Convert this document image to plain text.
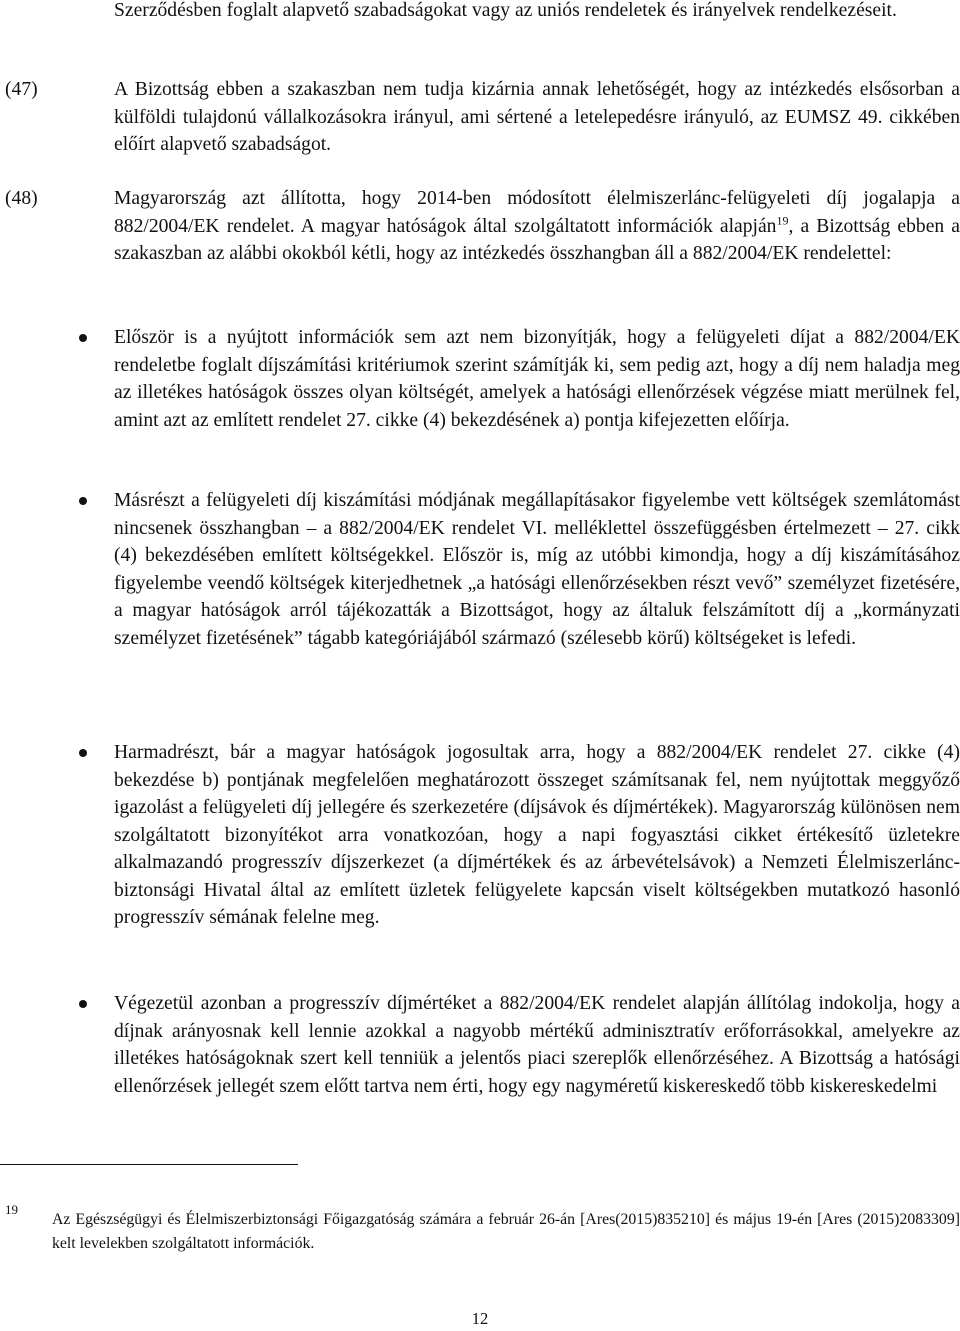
Szerződésben foglalt alapvető szabadságokat vagy az uniós rendeletek és irányelvek rendelkezéseit.
(47)	A Bizottság ebben a szakaszban nem tudja kizárnia annak lehetőségét, hogy az intézkedés elsősorban a külföldi tulajdonú vállalkozásokra irányul, ami sértené a letelepedésre irányuló, az EUMSZ 49. cikkében előírt alapvető szabadságot.
(48)	Magyarország azt állította, hogy 2014-ben módosított élelmiszerlánc-felügyeleti díj jogalapja a 882/2004/EK rendelet. A magyar hatóságok által szolgáltatott információk alapján$^{19}$, a Bizottság ebben a szakaszban az alábbi okokból kétli, hogy az intézkedés összhangban áll a 882/2004/EK rendelettel:
Először is a nyújtott információk sem azt nem bizonyítják, hogy a felügyeleti díjat a 882/2004/EK rendeletbe foglalt díjszámítási kritériumok szerint számítják ki, sem pedig azt, hogy a díj nem haladja meg az illetékes hatóságok összes olyan költségét, amelyek a hatósági ellenőrzések végzése miatt merülnek fel, amint azt az említett rendelet 27. cikke (4) bekezdésének a) pontja kifejezetten előírja.
Másrészt a felügyeleti díj kiszámítási módjának megállapításakor figyelembe vett költségek szemlátomást nincsenek összhangban – a 882/2004/EK rendelet VI. melléklettel összefüggésben értelmezett – 27. cikk (4) bekezdésében említett költségekkel. Először is, míg az utóbbi kimondja, hogy a díj kiszámításához figyelembe veendő költségek kiterjedhetnek „a hatósági ellenőrzésekben részt vevő” személyzet fizetésére, a magyar hatóságok arról tájékozatták a Bizottságot, hogy az általuk felszámított díj a „kormányzati személyzet fizetésének” tágabb kategóriájából származó (szélesebb körű) költségeket is lefedi.
Harmadrészt, bár a magyar hatóságok jogosultak arra, hogy a 882/2004/EK rendelet 27. cikke (4) bekezdése b) pontjának megfelelően meghatározott összeget számítsanak fel, nem nyújtottak meggyőző igazolást a felügyeleti díj jellegére és szerkezetére (díjsávok és díjmértékek). Magyarország különösen nem szolgáltatott bizonyítékot arra vonatkozóan, hogy a napi fogyasztási cikket értékesítő üzletekre alkalmazandó progresszív díjszerkezet (a díjmértékek és az árbevételsávok) a Nemzeti Élelmiszerlánc-biztonsági Hivatal által az említett üzletek felügyelete kapcsán viselt költségekben mutatkozó hasonló progresszív sémának felelne meg.
Végezetül azonban a progresszív díjmértéket a 882/2004/EK rendelet alapján állítólag indokolja, hogy a díjnak arányosnak kell lennie azokkal a nagyobb mértékű adminisztratív erőforrásokkal, amelyekre az illetékes hatóságoknak szert kell tenniük a jelentős piaci szereplők ellenőrzéséhez. A Bizottság a hatósági ellenőrzések jellegét szem előtt tartva nem érti, hogy egy nagyméretű kiskereskedő több kiskereskedelmi
19
Az Egészségügyi és Élelmiszerbiztonsági Főigazgatóság számára a február 26-án [Ares(2015)835210] és május 19-én [Ares (2015)2083309] kelt levelekben szolgáltatott információk.
12
